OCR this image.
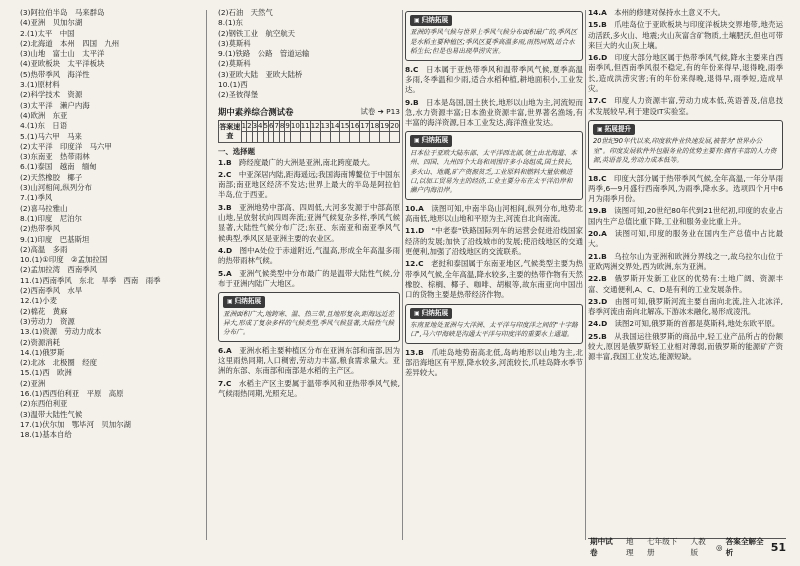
(3)阿拉伯半岛　马来群岛
(4)亚洲　贝加尔湖
2.(1)太平　中国
(2)北海道　本州　四国　九州
(3)山地　富士山　太平洋
(4)亚欧板块　太平洋板块
(5)热带季风　海洋性
3.(1)原材料
(2)科学技术　资源
(3)太平洋　濑户内海
(4)欧洲　东亚
4.(1)东　日语
5.(1)马六甲　马来
(2)太平洋　印度洋　马六甲
(3)东南亚　热带雨林
6.(1)泰国　越南　缅甸
(2)天然橡胶　椰子
(3)山河相间,纵列分布
7.(1)季风
(2)喜马拉雅山
8.(1)印度　尼泊尔
(2)热带季风
9.(1)印度　巴基斯坦
(2)高温　多雨
10.(1)①印度　②孟加拉国
(2)孟加拉湾　西南季风
11.(1)西南季风　东北　旱季　西南　雨季
(2)西南季风　水旱
12.(1)小麦
(2)棉花　黄麻
(3)劳动力　资源
13.(1)资源　劳动力成本
(2)资源消耗
14.(1)俄罗斯
(2)北冰　北极圈　经度
15.(1)西　欧洲
(2)亚洲
16.(1)西西伯利亚　平原　高原
(2)东西伯利亚
(3)温带大陆性气候
17.(1)伏尔加　鄂毕河　贝加尔湖
18.(1)基本自给
(2)石油　天然气
8.(1)东
(2)钢铁工业　航空航天
(3)莫斯科
9.(1)铁路　公路　管道运输
(2)莫斯科
(3)亚欧大陆　亚欧大陆桥
10.(1)西
(2)圣彼得堡
期中素养综合测试卷	试卷 ➔ P13
答案速查	1	2	3	4	5	6	7	8	9	10	11	12	13	14	15	16	17	18	19	20

一、选择题
1.B  跨经度最广的大洲是亚洲,南北跨度最大。
2.C  中亚深居内陆,距海遥远;我国海南博鳌位于中国东南部;南亚地区经济不发达;世界上最大的半岛是阿拉伯半岛,位于西亚。
3.B  亚洲地势中部高、四周低,大河多发源于中部高原山地,呈放射状向四周奔流;亚洲气候复杂多样,季风气候显著,大陆性气候分布广泛;东亚、东南亚和南亚季风气候典型,季风区是亚洲主要的农业区。
4.D  图中A处位于赤道附近,气温高,形成全年高温多雨的热带雨林气候。
5.A  亚洲气候类型中分布最广的是温带大陆性气候,分布于亚洲内陆广大地区。
▣ 归纳拓展
亚洲面积广大,地跨寒、温、热三带,且地形复杂,距海远近差异大,形成了复杂多样的气候类型,季风气候显著,大陆性气候分布广。
6.A  亚洲水稻主要种植区分布在亚洲东部和南部,因为这里雨热同期,人口稠密,劳动力丰富,粮食需求量大。亚洲的东部、东南部和南部是水稻的主产区。
7.C  水稻主产区主要属于温带季风和亚热带季风气候,气候雨热同期,光照充足。
▣ 归纳拓展
亚洲的季风气候与世界上季风气候分布面积最广的,季风区是水稻主要种植区;季风区夏季高温多雨,雨热同期,适合水稻生长;但是也易出现旱涝灾害。
8.C  日本属于亚热带季风和温带季风气候,夏季高温多雨,冬季温和少雨,适合水稻种植,耕地面积小,工业发达。
9.B  日本是岛国,国土狭长,地形以山地为主,河流短而急,水力资源丰富;日本渔业资源丰富,世界著名渔场,有丰富的海洋资源,日本工业发达,海洋渔业发达。
▣ 归纳拓展
日本位于亚欧大陆东部、太平洋西北部,领土由北海道、本州、四国、九州四个大岛和周围许多小岛组成,国土狭长,多火山、地震,矿产资源贫乏,工业原料和燃料大量依赖进口,以加工贸易为主的经济,工业主要分布在太平洋沿岸和濑户内海沿岸。
10.A  读图可知,中南半岛山河相间,纵列分布,地势北高南低,地形以山地和平原为主,河流自北向南流。
11.D  "中老泰"铁路国际列车的运营会促进沿线国家经济的发展;加快了沿线城市的发展;使沿线地区的交通更便利,加强了沿线地区的交流联系。
12.C  老挝和泰国属于东南亚地区,气候类型主要为热带季风气候,全年高温,降水较多,主要的热带作物有天然橡胶、棕榈、椰子、咖啡、胡椒等,故东南亚向中国出口的货物主要是热带经济作物。
▣ 归纳拓展
东南亚地处亚洲与大洋洲、太平洋与印度洋之间的"十字路口",马六甲海峡是沟通太平洋与印度洋的重要水上通道。
13.B  爪哇岛地势南高北低,岛屿地形以山地为主,北部沿海地区有平原,降水较多,河流较长,爪哇岛降水季节差异较大。
14.A  本州的修建对保持水土意义不大。
15.B  爪哇岛位于亚欧板块与印度洋板块交界地带,地壳运动活跃,多火山、地震;火山灰富含矿物质,土壤肥沃,但也可带来巨大的火山灰上壤。
16.D  印度大部分地区属于热带季风气候,降水主要来自西南季风,但西南季风很不稳定,有的年份来得早,退得晚,雨季长,造成洪涝灾害;有的年份来得晚,退得早,雨季短,造成旱灾。
17.C  印度人力资源丰富,劳动力成本低,英语普及,信息技术发展较早,利于建设IT实验室。
▣ 拓展提升
20世纪90年代以来,印度软件业快速发展,被誉为"世界办公室"。印度发展软件外包服务业的优势主要有:拥有丰富的人力资源,英语普及,劳动力成本低等。
18.C  印度大部分属于热带季风气候,全年高温,一年分旱雨两季,6—9月盛行西南季风,为雨季,降水多。选项四个月中6月为雨季月份。
19.B  读图可知,20世纪80年代到21世纪初,印度的农业占国内生产总值比重下降,工业和服务业比重上升。
20.A  读图可知,印度的服务业在国内生产总值中占比最大。
21.B  乌拉尔山为亚洲和欧洲分界线之一,故乌拉尔山位于亚欧两洲交界处,西为欧洲,东为亚洲。
22.B  俄罗斯开发新工业区的优势有:土地广阔、资源丰富、交通便利,A、C、D是有利的工业发展条件。
23.D  由图可知,俄罗斯河流主要自南向北流,注入北冰洋,春季河流由南向北解冻,下游冰未融化,易形成凌汛。
24.D  读图2可知,俄罗斯的首都是莫斯科,地处东欧平原。
25.B  从我国运往俄罗斯的商品中,轻工业产品所占的份额较大,原因是俄罗斯轻工业相对薄弱,而俄罗斯的能源矿产资源丰富,我国工业发达,能源短缺。
期中试卷
地理
七年级下册
人教版
◎
答案全解全析	51
